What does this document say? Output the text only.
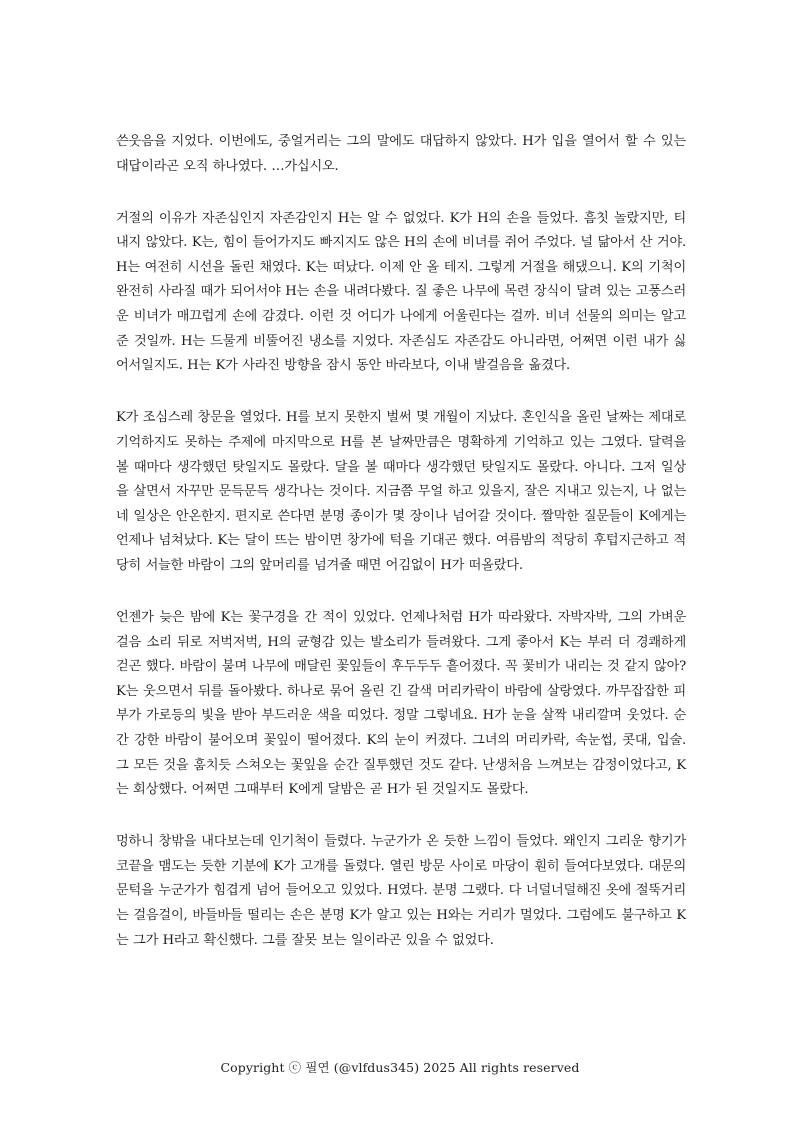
쓴웃음을 지었다. 이번에도, 중얼거리는 그의 말에도 대답하지 않았다. H가 입을 열어서 할 수 있는 대답이라곤 오직 하나였다. …가십시오.

거절의 이유가 자존심인지 자존감인지 H는 알 수 없었다. K가 H의 손을 들었다. 흠칫 놀랐지만, 티 내지 않았다. K는, 힘이 들어가지도 빠지지도 않은 H의 손에 비녀를 쥐어 주었다. 널 닮아서 산 거야. H는 여전히 시선을 돌린 채였다. K는 떠났다. 이제 안 올 테지. 그렇게 거절을 해댔으니. K의 기척이 완전히 사라질 때가 되어서야 H는 손을 내려다봤다. 질 좋은 나무에 목련 장식이 달려 있는 고풍스러운 비녀가 매끄럽게 손에 감겼다. 이런 것 어디가 나에게 어울린다는 걸까. 비녀 선물의 의미는 알고 준 것일까. H는 드물게 비뚤어진 냉소를 지었다. 자존심도 자존감도 아니라면, 어쩌면 이런 내가 싫어서일지도. H는 K가 사라진 방향을 잠시 동안 바라보다, 이내 발걸음을 옮겼다.

K가 조심스레 창문을 열었다. H를 보지 못한지 벌써 몇 개월이 지났다. 혼인식을 올린 날짜는 제대로 기억하지도 못하는 주제에 마지막으로 H를 본 날짜만큼은 명확하게 기억하고 있는 그였다. 달력을 볼 때마다 생각했던 탓일지도 몰랐다. 달을 볼 때마다 생각했던 탓일지도 몰랐다. 아니다. 그저 일상을 살면서 자꾸만 문득문득 생각나는 것이다. 지금쯤 무얼 하고 있을지, 잘은 지내고 있는지, 나 없는 네 일상은 안온한지. 편지로 쓴다면 분명 종이가 몇 장이나 넘어갈 것이다. 짤막한 질문들이 K에게는 언제나 넘쳐났다. K는 달이 뜨는 밤이면 창가에 턱을 기대곤 했다. 여름밤의 적당히 후텁지근하고 적당히 서늘한 바람이 그의 앞머리를 넘겨줄 때면 어김없이 H가 떠올랐다.

언젠가 늦은 밤에 K는 꽃구경을 간 적이 있었다. 언제나처럼 H가 따라왔다. 자박자박, 그의 가벼운 걸음 소리 뒤로 저벅저벅, H의 균형감 있는 발소리가 들려왔다. 그게 좋아서 K는 부러 더 경쾌하게 걷곤 했다. 바람이 불며 나무에 매달린 꽃잎들이 후두두두 흩어졌다. 꼭 꽃비가 내리는 것 같지 않아? K는 웃으면서 뒤를 돌아봤다. 하나로 묶어 올린 긴 갈색 머리카락이 바람에 살랑였다. 까무잡잡한 피부가 가로등의 빛을 받아 부드러운 색을 띠었다. 정말 그렇네요. H가 눈을 살짝 내리깔며 웃었다. 순간 강한 바람이 불어오며 꽃잎이 떨어졌다. K의 눈이 커졌다. 그녀의 머리카락, 속눈썹, 콧대, 입술. 그 모든 것을 훔치듯 스쳐오는 꽃잎을 순간 질투했던 것도 같다. 난생처음 느껴보는 감정이었다고, K는 회상했다. 어쩌면 그때부터 K에게 달밤은 곧 H가 된 것일지도 몰랐다.

멍하니 창밖을 내다보는데 인기척이 들렸다. 누군가가 온 듯한 느낌이 들었다. 왜인지 그리운 향기가 코끝을 맴도는 듯한 기분에 K가 고개를 돌렸다. 열린 방문 사이로 마당이 훤히 들여다보였다. 대문의 문턱을 누군가가 힘겹게 넘어 들어오고 있었다. H였다. 분명 그랬다. 다 너덜너덜해진 옷에 절뚝거리는 걸음걸이, 바들바들 떨리는 손은 분명 K가 알고 있는 H와는 거리가 멀었다. 그럼에도 불구하고 K는 그가 H라고 확신했다. 그를 잘못 보는 일이라곤 있을 수 없었다.

Copyright ⓒ 필연 (@vlfdus345) 2025 All rights reserved
